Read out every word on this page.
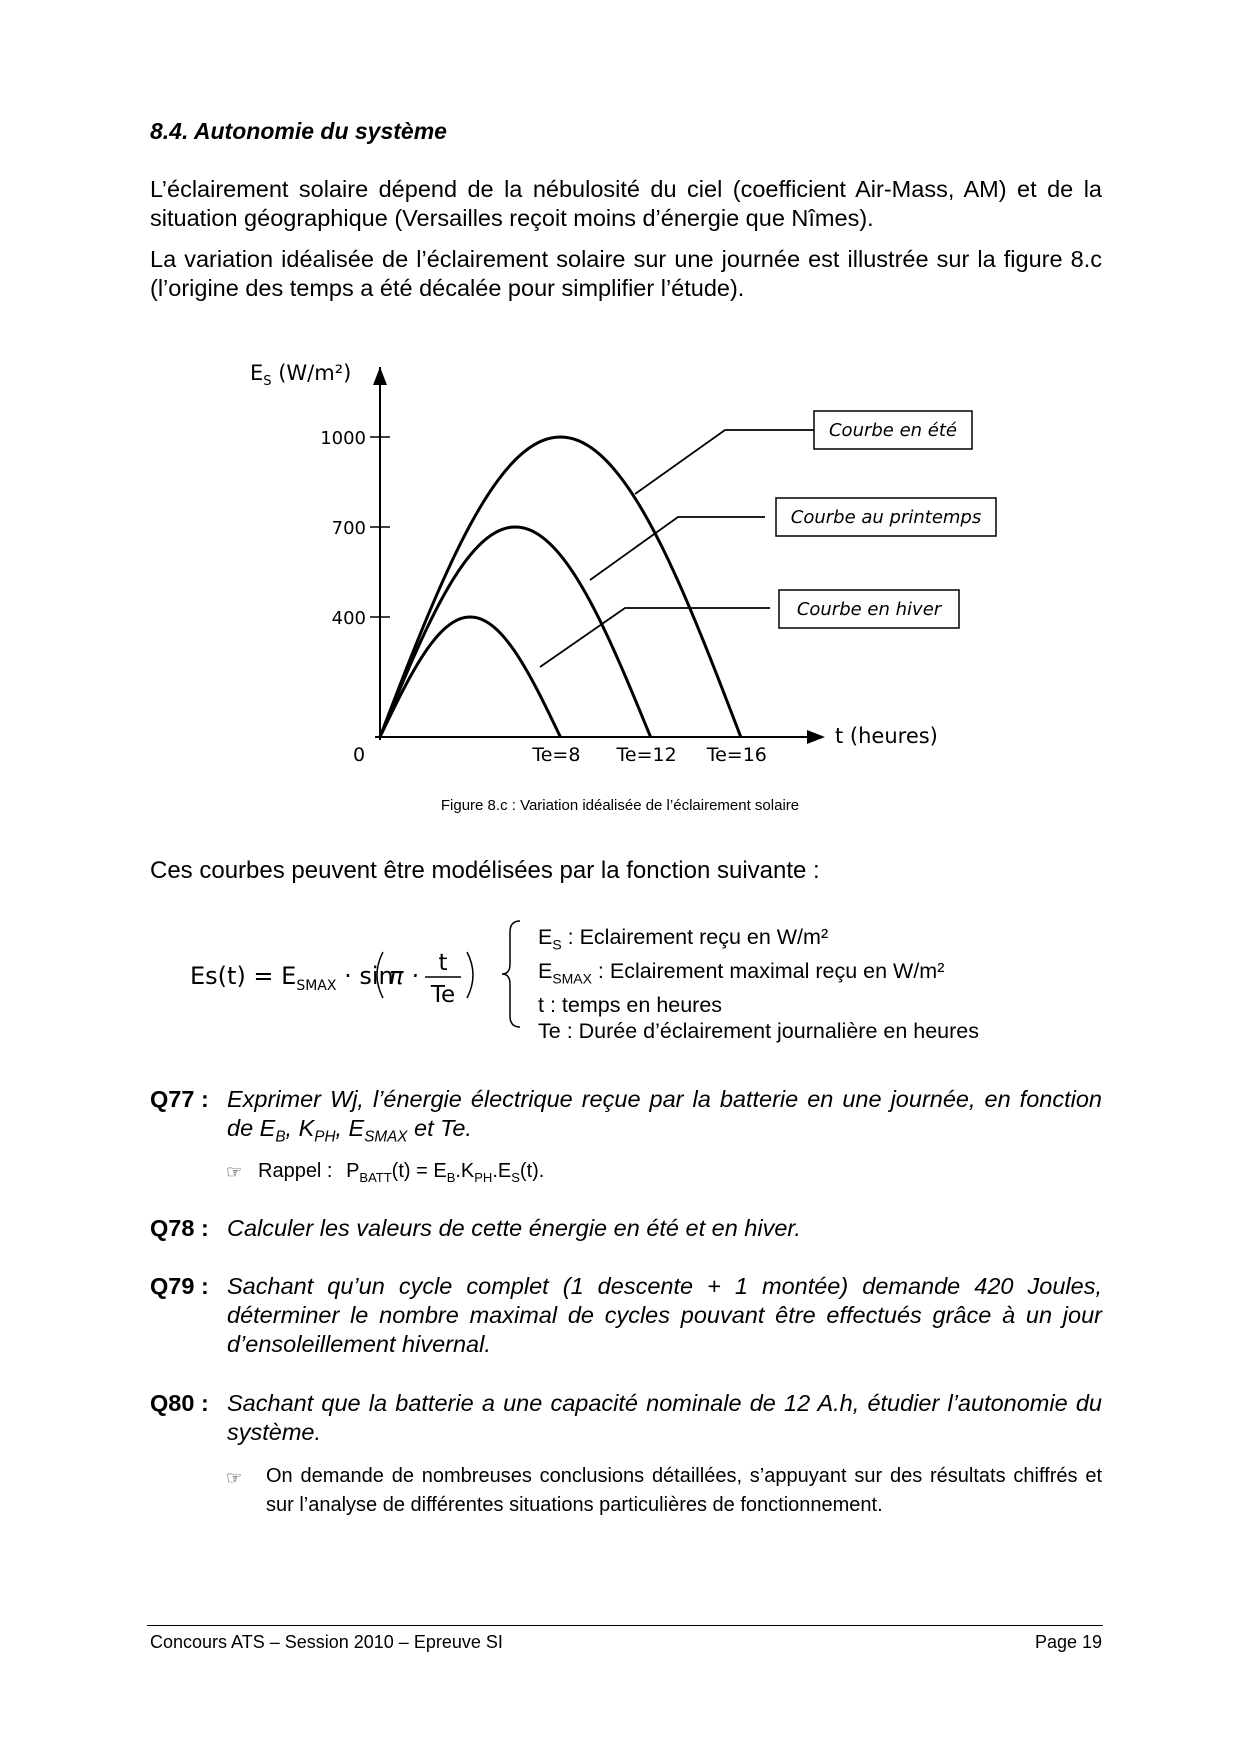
8.4. Autonomie du système
L’éclairement solaire dépend de la nébulosité du ciel (coefficient Air-Mass, AM) et de la situation géographique (Versailles reçoit moins d’énergie que Nîmes).
La variation idéalisée de l’éclairement solaire sur une journée est illustrée sur la figure 8.c (l’origine des temps a été décalée pour simplifier l’étude).
$E_S$ (W/m²)
t (heures)
0
1000
700
400
Te=8 Te=12 Te=16
Courbe en été
Courbe au printemps
Courbe en hiver
Figure 8.c : Variation idéalisée de l’éclairement solaire
Ces courbes peuvent être modélisées par la fonction suivante :
$Es(t) = E_{SMAX} \cdot \sin$
π · t
Te
$E_S$ : Eclairement reçu en W/m²
$E_{SMAX}$ : Eclairement maximal reçu en W/m²
t : temps en heures
Te : Durée d’éclairement journalière en heures
Q77 : Exprimer Wj, l’énergie électrique reçue par la batterie en une journée, en fonction de $E_B$, $K_{PH}$, $E_{SMAX}$ et Te.
☞ Rappel : $P_{BATT}(t) = E_B.K_{PH}.E_S(t)$.
Q78 : Calculer les valeurs de cette énergie en été et en hiver.
Q79 : Sachant qu’un cycle complet (1 descente + 1 montée) demande 420 Joules, déterminer le nombre maximal de cycles pouvant être effectués grâce à un jour d’ensoleillement hivernal.
Q80 : Sachant que la batterie a une capacité nominale de 12 A.h, étudier l’autonomie du système.
☞ On demande de nombreuses conclusions détaillées, s’appuyant sur des résultats chiffrés et sur l’analyse de différentes situations particulières de fonctionnement.
Concours ATS – Session 2010 – Epreuve SI	Page 19
